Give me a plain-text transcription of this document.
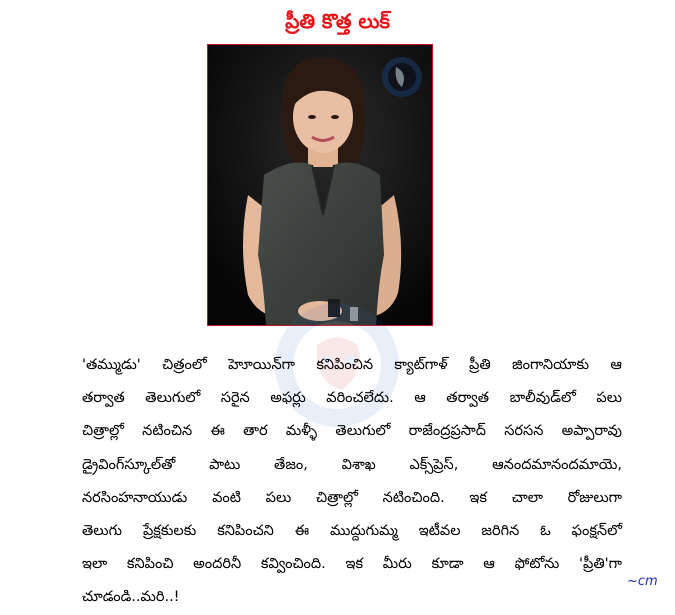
ప్రీతి కొత్త లుక్
'తమ్ముడు' చిత్రంలో హెూయిన్‌గా కనిపించిన క్యాట్‌గాళ్ ప్రీతి జింగానియాకు ఆ
తర్వాత తెలుగులో సరైన అఫర్లు వరించలేదు. ఆ తర్వాత బాలీవుడ్‌లో పలు
చిత్రాల్లో నటించిన ఈ తార మళ్ళీ తెలుగులో రాజేంద్రప్రసాద్ సరసన అప్పారావు
డ్రైవింగ్‌స్కూల్‌తో పాటు తేజం, విశాఖ ఎక్స్‌ప్రెస్, ఆనందమానందమాయె,
నరసింహనాయుడు వంటి పలు చిత్రాల్లో నటించింది. ఇక చాలా రోజులుగా
తెలుగు ప్రేక్షకులకు కనిపించని ఈ ముద్దుగుమ్మ ఇటీవల జరిగిన ఓ ఫంక్షన్‌లో
ఇలా కనిపించి అందరినీ కవ్వించింది. ఇక మీరు కూడా ఆ ఫోటోను 'ప్రీతి'గా
చూడండి..మరి..!
~cm
